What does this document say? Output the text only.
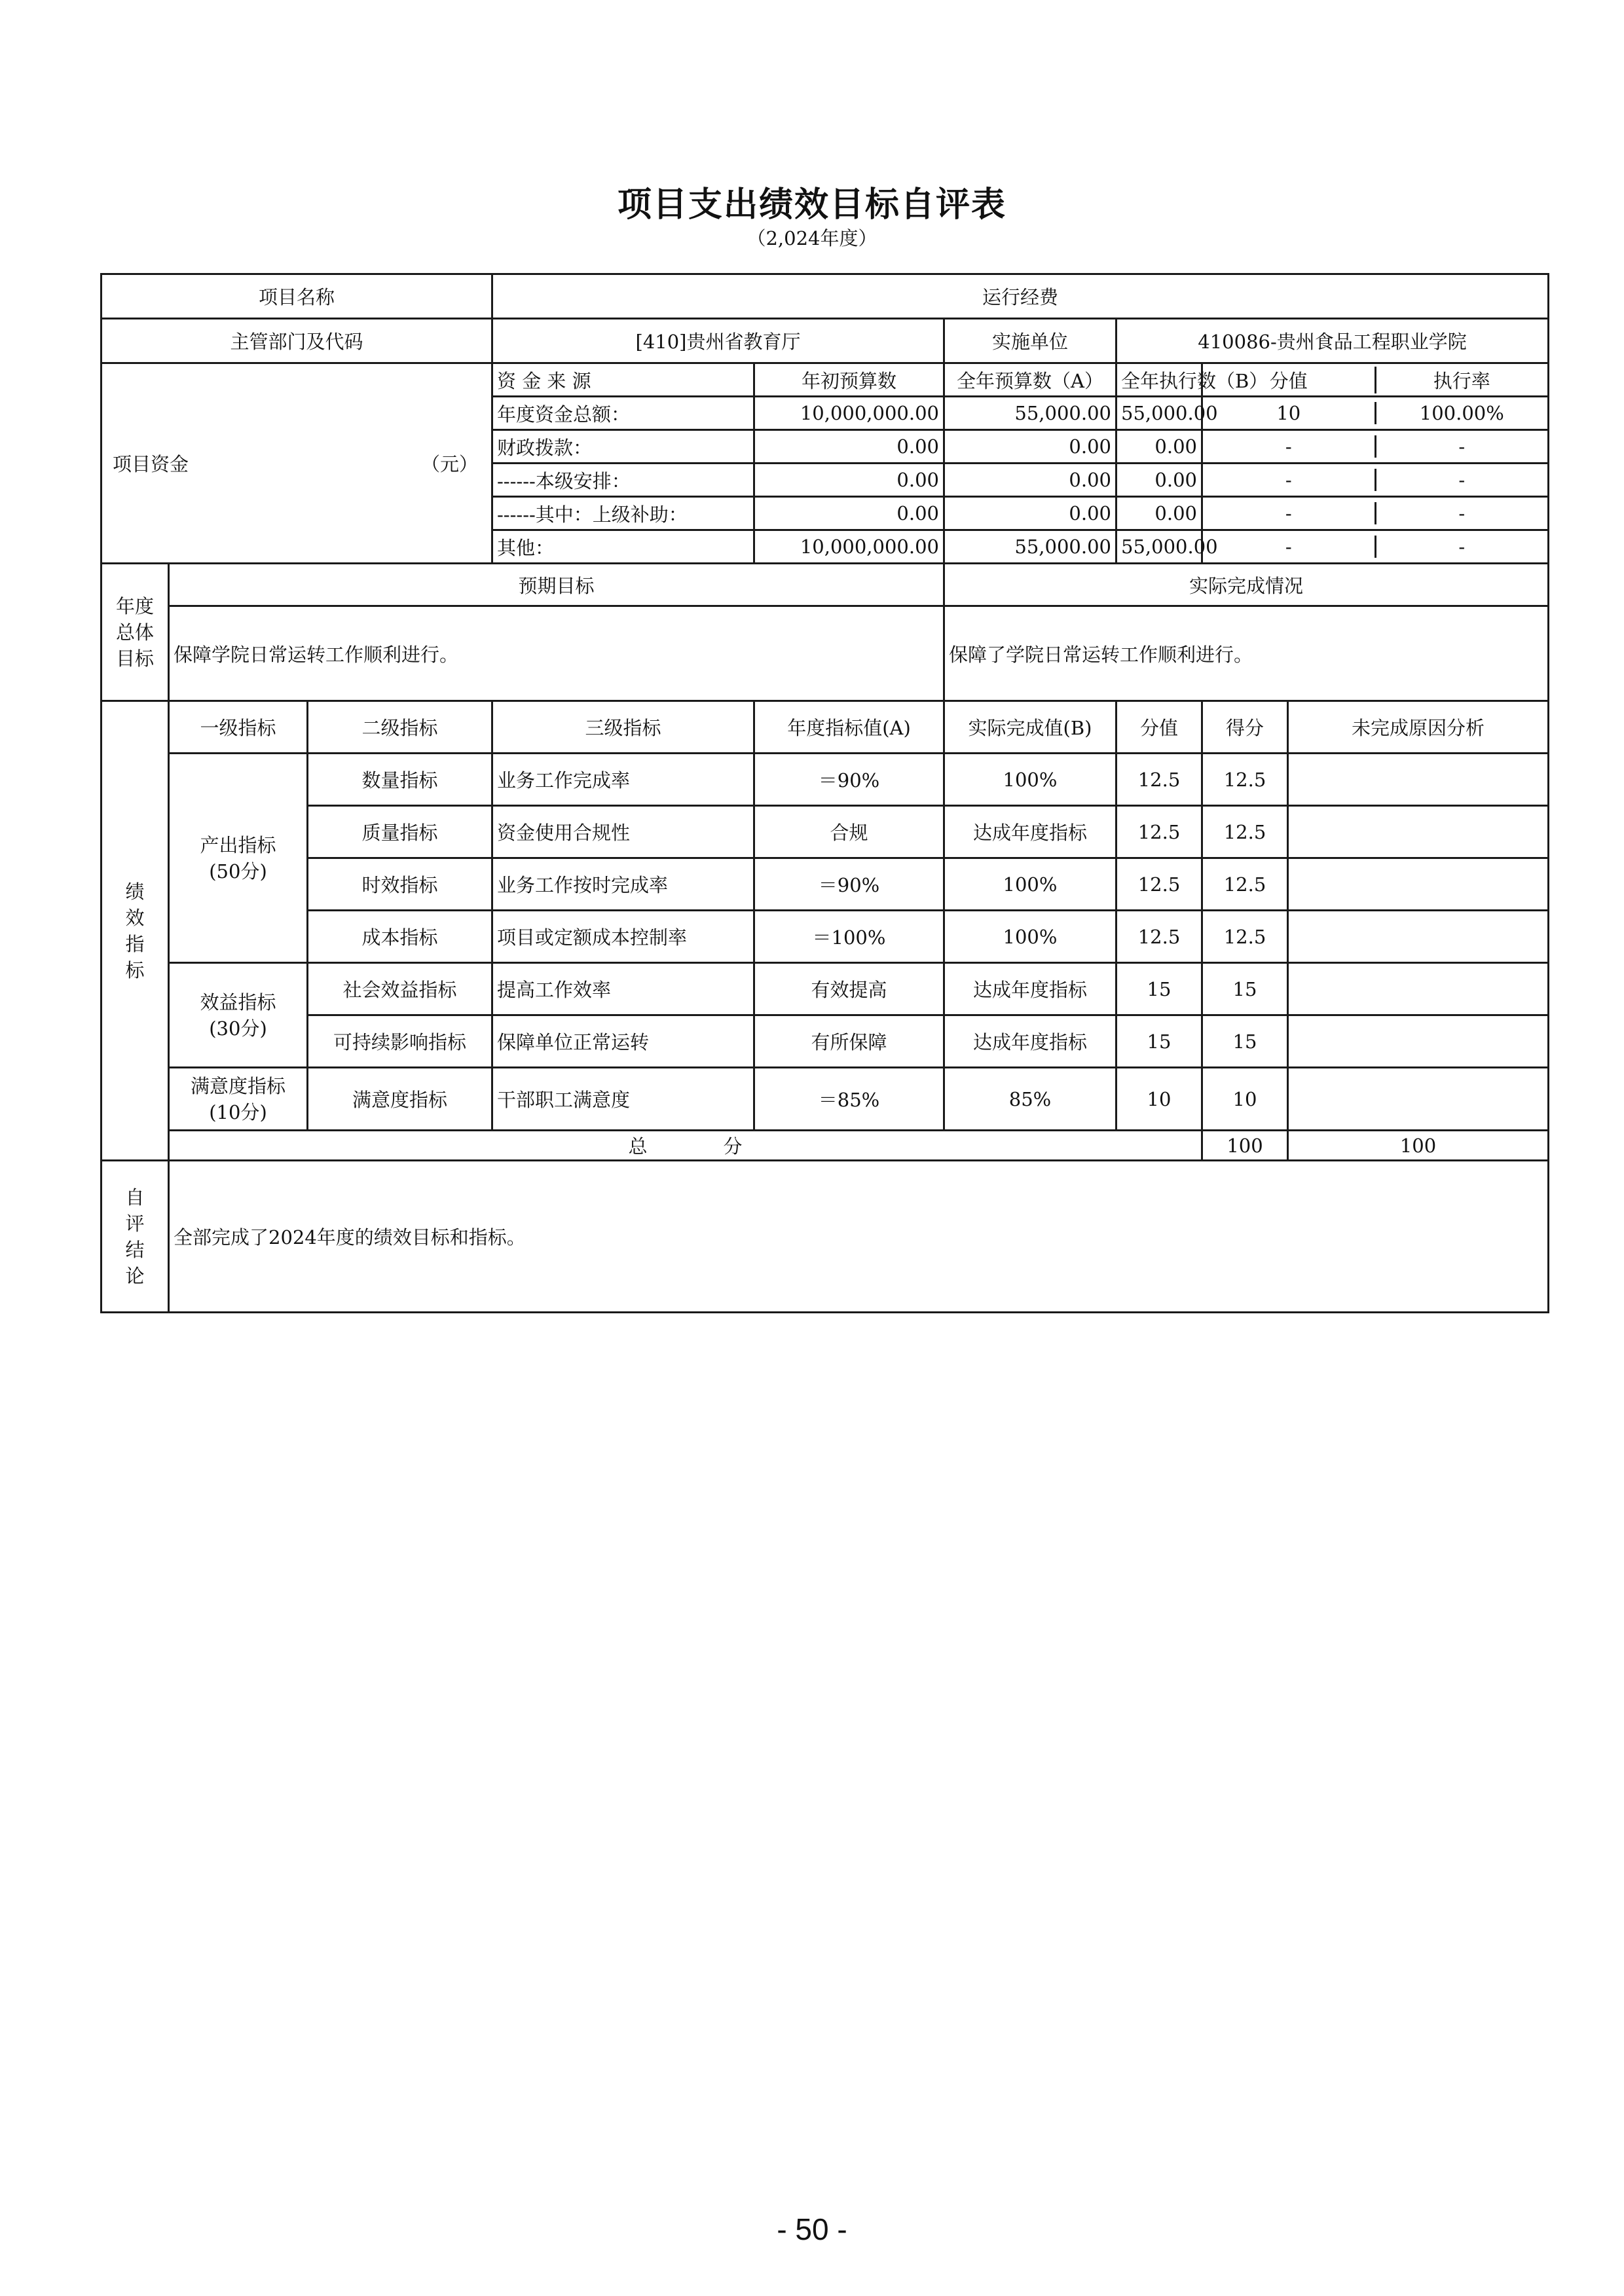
项目支出绩效目标自评表
（2,024年度）
项目名称			运行经费						
主管部门及代码			[410]贵州省教育厅		实施单位	410086-贵州食品工程职业学院			

项目资金 （元）			资 金 来 源	年初预算数	全年预算数（A）	全年执行数（B）	分值 执行率

			年度资金总额：	10,000,000.00	55,000.00	55,000.00	10 100.00%

			财政拨款：	0.00	0.00	0.00	- -

			------本级安排：	0.00	0.00	0.00	- -

			------其中：上级补助：	0.00	0.00	0.00	- -

			其他：	10,000,000.00	55,000.00	55,000.00	- -

年度
总体
目标	预期目标				实际完成情况				
	保障学院日常运转工作顺利进行。				保障了学院日常运转工作顺利进行。				

绩
效
指
标	一级指标	二级指标	三级指标	年度指标值(A)	实际完成值(B)	分值	得分	未完成原因分析	

	产出指标
(50分)	数量指标	业务工作完成率	＝90%	100%	12.5	12.5		
		质量指标	资金使用合规性	合规	达成年度指标	12.5	12.5		
		时效指标	业务工作按时完成率	＝90%	100%	12.5	12.5		
		成本指标	项目或定额成本控制率	＝100%	100%	12.5	12.5		

	效益指标
(30分)	社会效益指标	提高工作效率	有效提高	达成年度指标	15	15		
		可持续影响指标	保障单位正常运转	有所保障	达成年度指标	15	15		

	满意度指标
(10分)	满意度指标	干部职工满意度	＝85%	85%	10	10		
	总　　　　分						100	100	

自
评
结
论	全部完成了2024年度的绩效目标和指标。								
- 50 -
